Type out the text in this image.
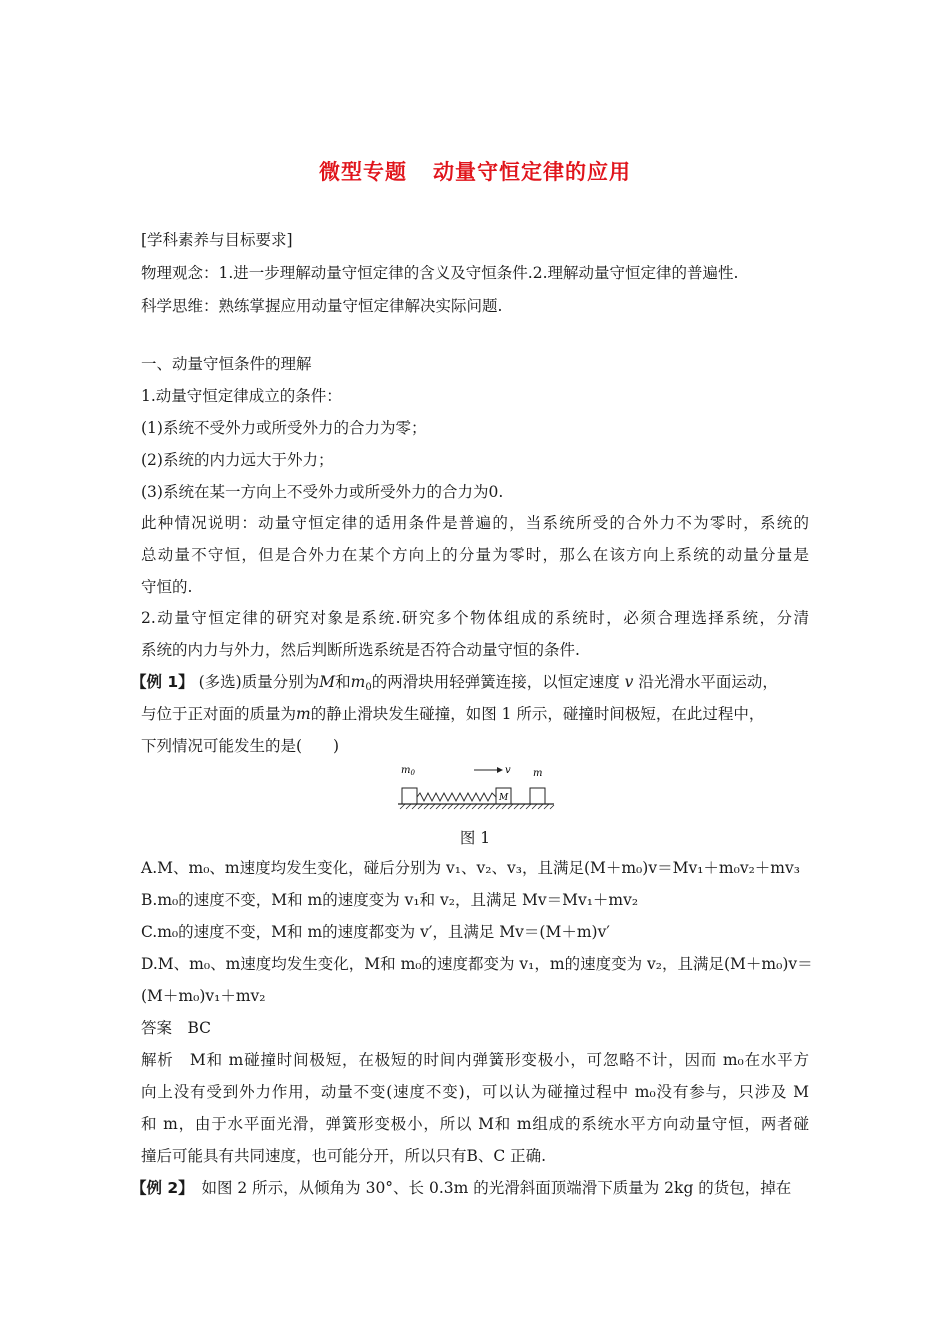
微型专题 动量守恒定律的应用
[学科素养与目标要求]
物理观念：1.进一步理解动量守恒定律的含义及守恒条件.2.理解动量守恒定律的普遍性.
科学思维：熟练掌握应用动量守恒定律解决实际问题.
一、动量守恒条件的理解
1.动量守恒定律成立的条件：
(1)系统不受外力或所受外力的合力为零；
(2)系统的内力远大于外力；
(3)系统在某一方向上不受外力或所受外力的合力为0.
此种情况说明：动量守恒定律的适用条件是普遍的，当系统所受的合外力不为零时，系统的
总动量不守恒，但是合外力在某个方向上的分量为零时，那么在该方向上系统的动量分量是
守恒的.
2.动量守恒定律的研究对象是系统.研究多个物体组成的系统时，必须合理选择系统，分清
系统的内力与外力，然后判断所选系统是否符合动量守恒的条件.
【例 1】 (多选)质量分别为M和$m_0$的两滑块用轻弹簧连接，以恒定速度 v 沿光滑水平面运动，
与位于正对面的质量为m的静止滑块发生碰撞，如图 1 所示，碰撞时间极短，在此过程中，
下列情况可能发生的是(　　)
$m_0$	v m
M
图 1
A.M、m₀、m速度均发生变化，碰后分别为 v₁、v₂、v₃，且满足(M＋m₀)v＝Mv₁＋m₀v₂＋mv₃
B.m₀的速度不变，M和 m的速度变为 v₁和 v₂，且满足 Mv＝Mv₁＋mv₂
C.m₀的速度不变，M和 m的速度都变为 v′，且满足 Mv＝(M＋m)v′
D.M、m₀、m速度均发生变化，M和 m₀的速度都变为 v₁，m的速度变为 v₂，且满足(M＋m₀)v＝
(M＋m₀)v₁＋mv₂
答案　BC
解析　M和 m碰撞时间极短，在极短的时间内弹簧形变极小，可忽略不计，因而 m₀在水平方
向上没有受到外力作用，动量不变(速度不变)，可以认为碰撞过程中 m₀没有参与，只涉及 M
和 m，由于水平面光滑，弹簧形变极小，所以 M和 m组成的系统水平方向动量守恒，两者碰
撞后可能具有共同速度，也可能分开，所以只有B、C 正确.
【例 2】　如图 2 所示，从倾角为 30°、长 0.3m 的光滑斜面顶端滑下质量为 2kg 的货包，掉在
